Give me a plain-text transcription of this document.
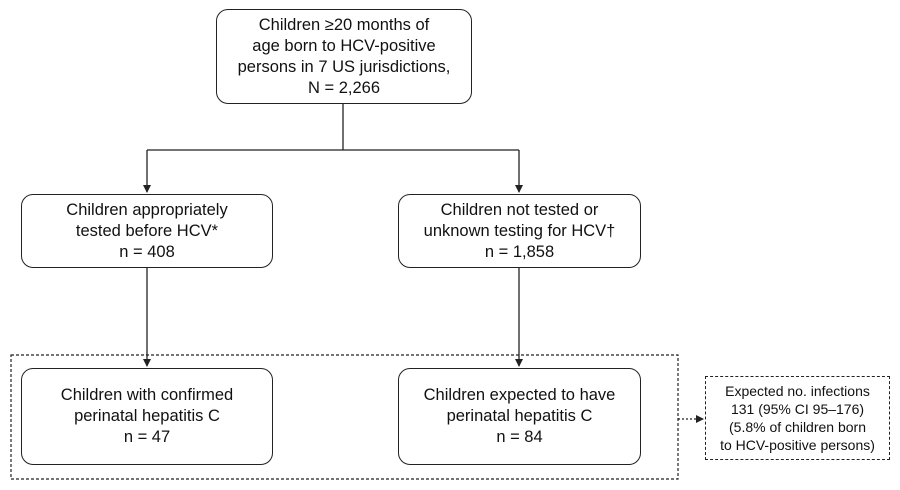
Children ≥20 months of
age born to HCV-positive
persons in 7 US jurisdictions,
N = 2,266
Children appropriately
tested before HCV*
n = 408
Children not tested or
unknown testing for HCV†
n = 1,858
Children with confirmed
perinatal hepatitis C
n = 47
Children expected to have
perinatal hepatitis C
n = 84
Expected no. infections
131 (95% CI 95–176)
(5.8% of children born
to HCV-positive persons)
